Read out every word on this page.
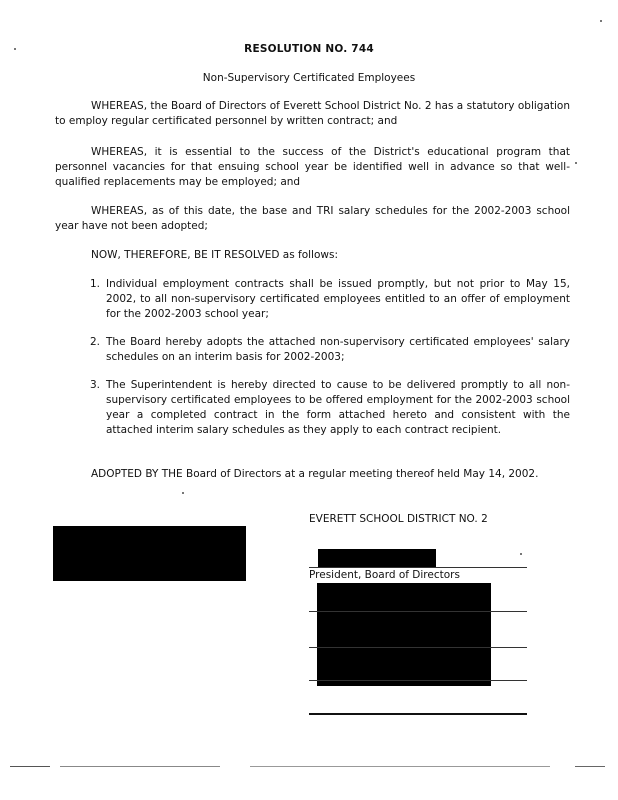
RESOLUTION NO. 744
Non-Supervisory Certificated Employees

WHEREAS, the Board of Directors of Everett School District No. 2 has a statutory obligation to employ regular certificated personnel by written contract; and

WHEREAS, it is essential to the success of the District's educational program that personnel vacancies for that ensuing school year be identified well in advance so that well-qualified replacements may be employed; and

WHEREAS, as of this date, the base and TRI salary schedules for the 2002-2003 school year have not been adopted;

NOW, THEREFORE, BE IT RESOLVED as follows:

1. Individual employment contracts shall be issued promptly, but not prior to May 15, 2002, to all non-supervisory certificated employees entitled to an offer of employment for the 2002-2003 school year;
2. The Board hereby adopts the attached non-supervisory certificated employees' salary schedules on an interim basis for 2002-2003;
3. The Superintendent is hereby directed to cause to be delivered promptly to all non-supervisory certificated employees to be offered employment for the 2002-2003 school year a completed contract in the form attached hereto and consistent with the attached interim salary schedules as they apply to each contract recipient.

ADOPTED BY THE Board of Directors at a regular meeting thereof held May 14, 2002.

EVERETT SCHOOL DISTRICT NO. 2
President, Board of Directors
